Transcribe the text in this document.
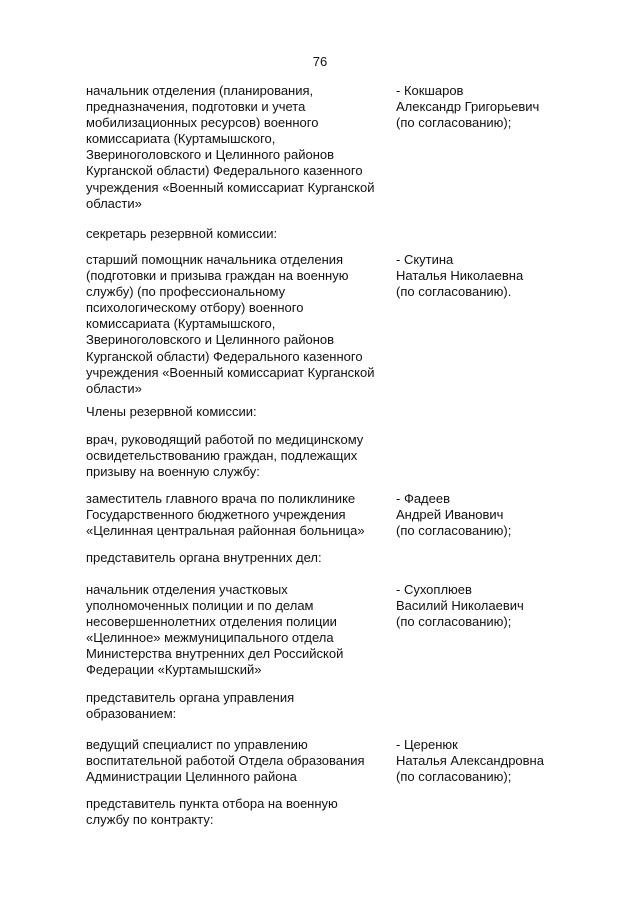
76
начальник отделения (планирования,
предназначения, подготовки и учета
мобилизационных ресурсов) военного
комиссариата (Куртамышского,
Звериноголовского и Целинного районов
Курганской области) Федерального казенного
учреждения «Военный комиссариат Курганской
области»
- Кокшаров
Александр Григорьевич
(по согласованию);
секретарь резервной комиссии:
старший помощник начальника отделения
(подготовки и призыва граждан на военную
службу) (по профессиональному
психологическому отбору) военного
комиссариата (Куртамышского,
Звериноголовского и Целинного районов
Курганской области) Федерального казенного
учреждения «Военный комиссариат Курганской
области»
- Скутина
Наталья Николаевна
(по согласованию).
Члены резервной комиссии:
врач, руководящий работой по медицинскому
освидетельствованию граждан, подлежащих
призыву на военную службу:
заместитель главного врача по поликлинике
Государственного бюджетного учреждения
«Целинная центральная районная больница»
- Фадеев
Андрей Иванович
(по согласованию);
представитель органа внутренних дел:
начальник отделения участковых
уполномоченных полиции и по делам
несовершеннолетних отделения полиции
«Целинное» межмуниципального отдела
Министерства внутренних дел Российской
Федерации «Куртамышский»
- Сухоплюев
Василий Николаевич
(по согласованию);
представитель органа управления
образованием:
ведущий специалист по управлению
воспитательной работой Отдела образования
Администрации Целинного района
- Церенюк
Наталья Александровна
(по согласованию);
представитель пункта отбора на военную
службу по контракту:
